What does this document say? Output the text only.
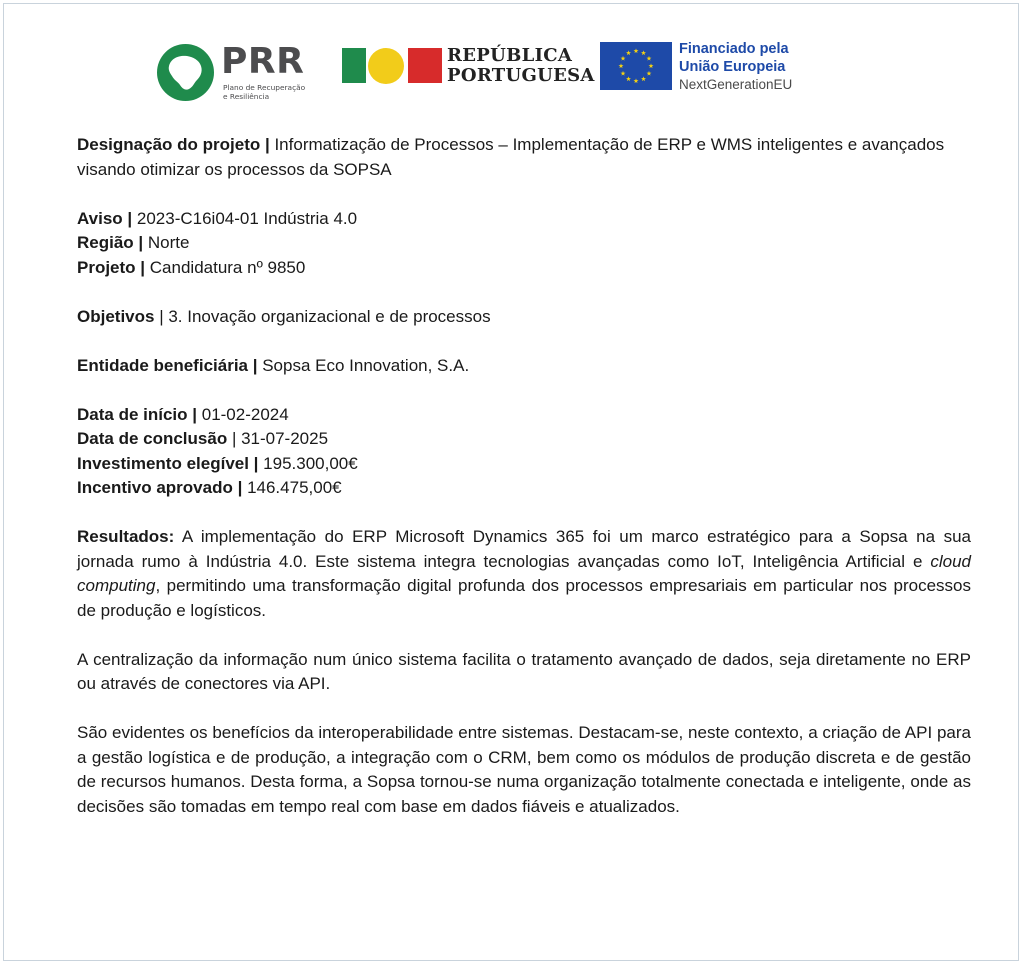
PRR
Plano de Recuperação
e Resiliência
REPÚBLICA
PORTUGUESA
Financiado pela
União Europeia
NextGenerationEU

Designação do projeto | Informatização de Processos – Implementação de ERP e WMS inteligentes e avançados visando otimizar os processos da SOPSA

Aviso | 2023-C16i04-01 Indústria 4.0

Região | Norte

Projeto | Candidatura nº 9850

Objetivos | 3. Inovação organizacional e de processos

Entidade beneficiária | Sopsa Eco Innovation, S.A.

Data de início | 01-02-2024

Data de conclusão | 31-07-2025

Investimento elegível | 195.300,00€

Incentivo aprovado | 146.475,00€

Resultados: A implementação do ERP Microsoft Dynamics 365 foi um marco estratégico para a Sopsa na sua jornada rumo à Indústria 4.0. Este sistema integra tecnologias avançadas como IoT, Inteligência Artificial e cloud computing, permitindo uma transformação digital profunda dos processos empresariais em particular nos processos de produção e logísticos.

A centralização da informação num único sistema facilita o tratamento avançado de dados, seja diretamente no ERP ou através de conectores via API.

São evidentes os benefícios da interoperabilidade entre sistemas. Destacam-se, neste contexto, a criação de API para a gestão logística e de produção, a integração com o CRM, bem como os módulos de produção discreta e de gestão de recursos humanos. Desta forma, a Sopsa tornou-se numa organização totalmente conectada e inteligente, onde as decisões são tomadas em tempo real com base em dados fiáveis e atualizados.
